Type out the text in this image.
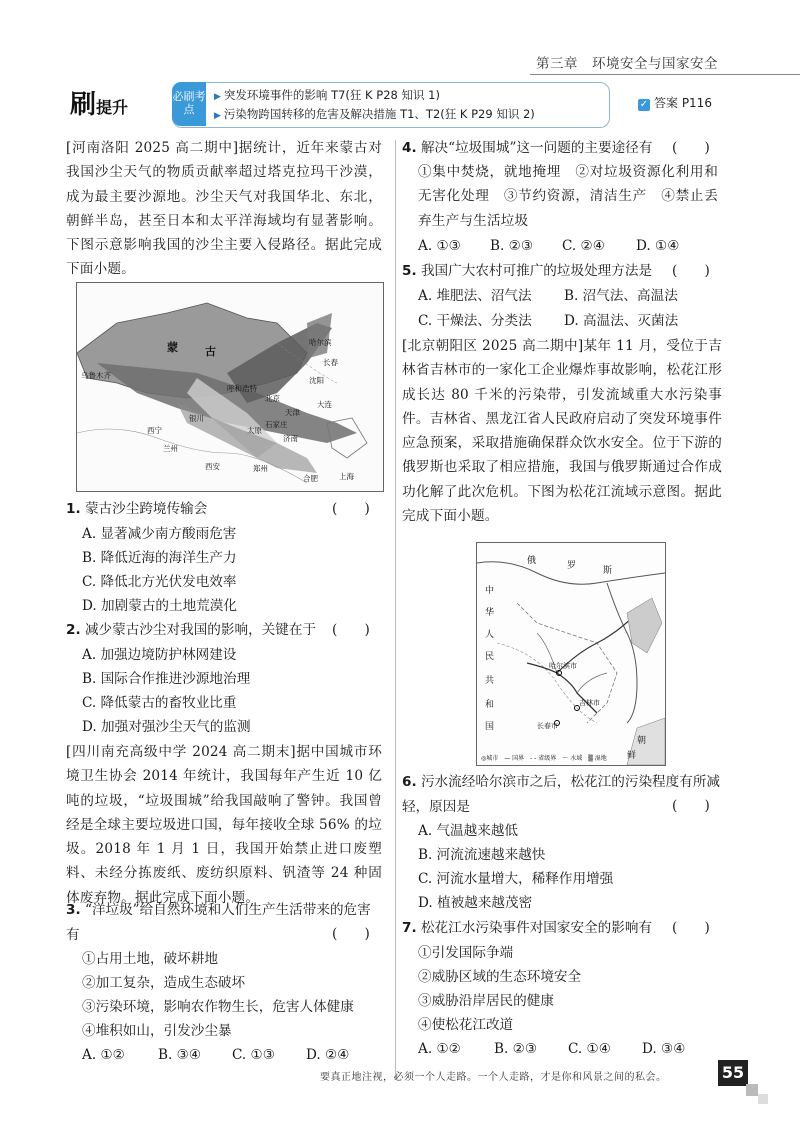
第三章　环境安全与国家安全
刷提升
必刷考点
▶ 突发环境事件的影响 T7(狂 K P28 知识 1)
▶ 污染物跨国转移的危害及解决措施 T1、T2(狂 K P29 知识 2)
✓ 答案 P116
[河南洛阳 2025 高二期中]据统计，近年来蒙古对我国沙尘天气的物质贡献率超过塔克拉玛干沙漠，成为最主要沙源地。沙尘天气对我国华北、东北，朝鲜半岛，甚至日本和太平洋海域均有显著影响。下图示意影响我国的沙尘主要入侵路径。据此完成下面小题。
蒙 古
乌鲁木齐
哈尔滨
长春
沈阳
呼和浩特
北京
天津
太原
银川
西宁
兰州
西安	郑州
合肥	上海
石家庄
济南
大连
1. 蒙古沙尘跨境传输会	(　　)
A. 显著减少南方酸雨危害
B. 降低近海的海洋生产力
C. 降低北方光伏发电效率
D. 加剧蒙古的土地荒漠化
2. 减少蒙古沙尘对我国的影响，关键在于	(　　)
A. 加强边境防护林网建设
B. 国际合作推进沙源地治理
C. 降低蒙古的畜牧业比重
D. 加强对强沙尘天气的监测
[四川南充高级中学 2024 高二期末]据中国城市环境卫生协会 2014 年统计，我国每年产生近 10 亿吨的垃圾，“垃圾围城”给我国敲响了警钟。我国曾经是全球主要垃圾进口国，每年接收全球 56% 的垃圾。2018 年 1 月 1 日，我国开始禁止进口废塑料、未经分拣废纸、废纺织原料、钒渣等 24 种固体废弃物。据此完成下面小题。
3. “洋垃圾”给自然环境和人们生产生活带来的危害有	(　　)
①占用土地，破坏耕地
②加工复杂，造成生态破坏
③污染环境，影响农作物生长，危害人体健康
④堆积如山，引发沙尘暴
A. ①② B. ③④ C. ①③ D. ②④
4. 解决“垃圾围城”这一问题的主要途径有	(　　)
①集中焚烧，就地掩埋　②对垃圾资源化利用和无害化处理　③节约资源，清洁生产　④禁止丢弃生产与生活垃圾
A. ①③ B. ②③ C. ②④ D. ①④
5. 我国广大农村可推广的垃圾处理方法是	(　　)
A. 堆肥法、沼气法 B. 沼气法、高温法
C. 干燥法、分类法 D. 高温法、灭菌法
[北京朝阳区 2025 高二期中]某年 11 月，受位于吉林省吉林市的一家化工企业爆炸事故影响，松花江形成长达 80 千米的污染带，引发流域重大水污染事件。吉林省、黑龙江省人民政府启动了突发环境事件应急预案，采取措施确保群众饮水安全。位于下游的俄罗斯也采取了相应措施，我国与俄罗斯通过合作成功化解了此次危机。下图为松花江流域示意图。据此完成下面小题。
俄	罗	斯
中
华
人
民
共
和
国
哈尔滨市
吉林市
长春市
朝
鲜
◎城市　— 国界　- - 省级界　～ 水域　▒ 湿地
6. 污水流经哈尔滨市之后，松花江的污染程度有所减轻，原因是	(　　)
A. 气温越来越低
B. 河流流速越来越快
C. 河流水量增大，稀释作用增强
D. 植被越来越茂密
7. 松花江水污染事件对国家安全的影响有	(　　)
①引发国际争端
②威胁区域的生态环境安全
③威胁沿岸居民的健康
④使松花江改道
A. ①② B. ②③ C. ①④ D. ③④
要真正地注视，必须一个人走路。一个人走路，才是你和风景之间的私会。	55
